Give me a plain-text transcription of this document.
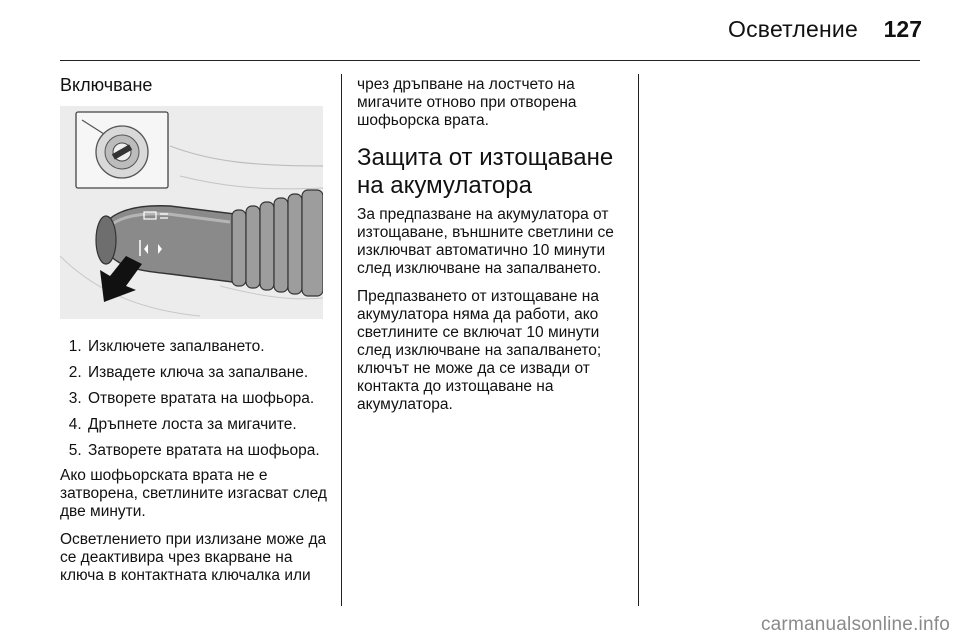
Осветление	127
Включване
1. Изключете запалването.
2. Извадете ключа за запалване.
3. Отворете вратата на шофьора.
4. Дръпнете лоста за мигачите.
5. Затворете вратата на шофьора.

Ако шофьорската врата не е затворена, светлините изгасват след две минути.

Осветлението при излизане може да се деактивира чрез вкарване на ключа в контактната ключалка или

чрез дръпване на лостчето на мигачите отново при отворена шофьорска врата.

Защита от изтощаване на акумулатора

За предпазване на акумулатора от изтощаване, външните светлини се изключват автоматично 10 минути след изключване на запалването.

Предпазването от изтощаване на акумулатора няма да работи, ако светлините се включат 10 минути след изключване на запалването; ключът не може да се извади от контакта до изтощаване на акумулатора.

carmanualsonline.info
